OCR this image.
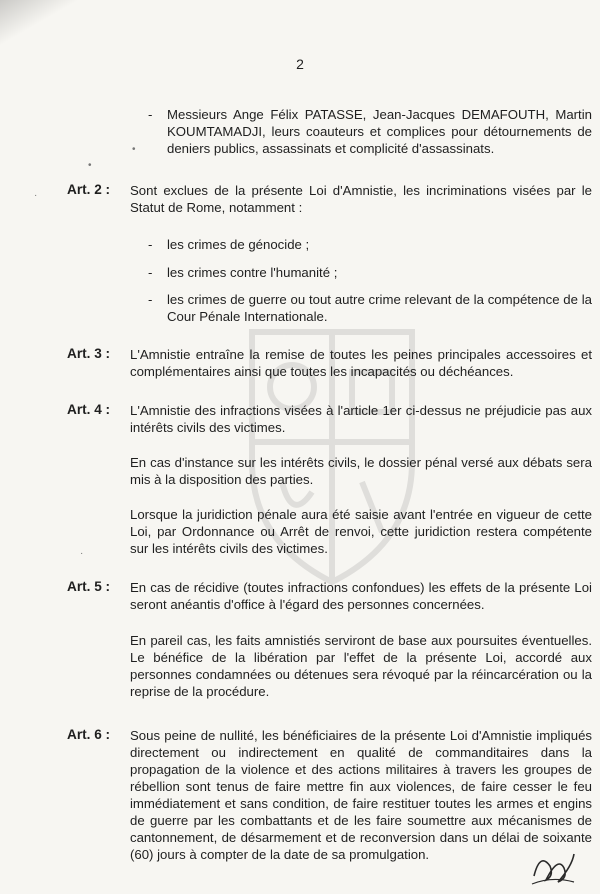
•
•
·
·
2
- Messieurs Ange Félix PATASSE, Jean-Jacques DEMAFOUTH, Martin KOUMTAMADJI, leurs coauteurs et complices pour détournements de deniers publics, assassinats et complicité d'assassinats.

Art. 2 : Sont exclues de la présente Loi d'Amnistie, les incriminations visées par le Statut de Rome, notamment :

- les crimes de génocide ;

- les crimes contre l'humanité ;

- les crimes de guerre ou tout autre crime relevant de la compétence de la Cour Pénale Internationale.

Art. 3 : L'Amnistie entraîne la remise de toutes les peines principales accessoires et complémentaires ainsi que toutes les incapacités ou déchéances.

Art. 4 : L'Amnistie des infractions visées à l'article 1er ci-dessus ne préjudicie pas aux intérêts civils des victimes.

En cas d'instance sur les intérêts civils, le dossier pénal versé aux débats sera mis à la disposition des parties.

Lorsque la juridiction pénale aura été saisie avant l'entrée en vigueur de cette Loi, par Ordonnance ou Arrêt de renvoi, cette juridiction restera compétente sur les intérêts civils des victimes.

Art. 5 : En cas de récidive (toutes infractions confondues) les effets de la présente Loi seront anéantis d'office à l'égard des personnes concernées.

En pareil cas, les faits amnistiés serviront de base aux poursuites éventuelles. Le bénéfice de la libération par l'effet de la présente Loi, accordé aux personnes condamnées ou détenues sera révoqué par la réincarcération ou la reprise de la procédure.

Art. 6 : Sous peine de nullité, les bénéficiaires de la présente Loi d'Amnistie impliqués directement ou indirectement en qualité de commanditaires dans la propagation de la violence et des actions militaires à travers les groupes de rébellion sont tenus de faire mettre fin aux violences, de faire cesser le feu immédiatement et sans condition, de faire restituer toutes les armes et engins de guerre par les combattants et de les faire soumettre aux mécanismes de cantonnement, de désarmement et de reconversion dans un délai de soixante (60) jours à compter de la date de sa promulgation.
